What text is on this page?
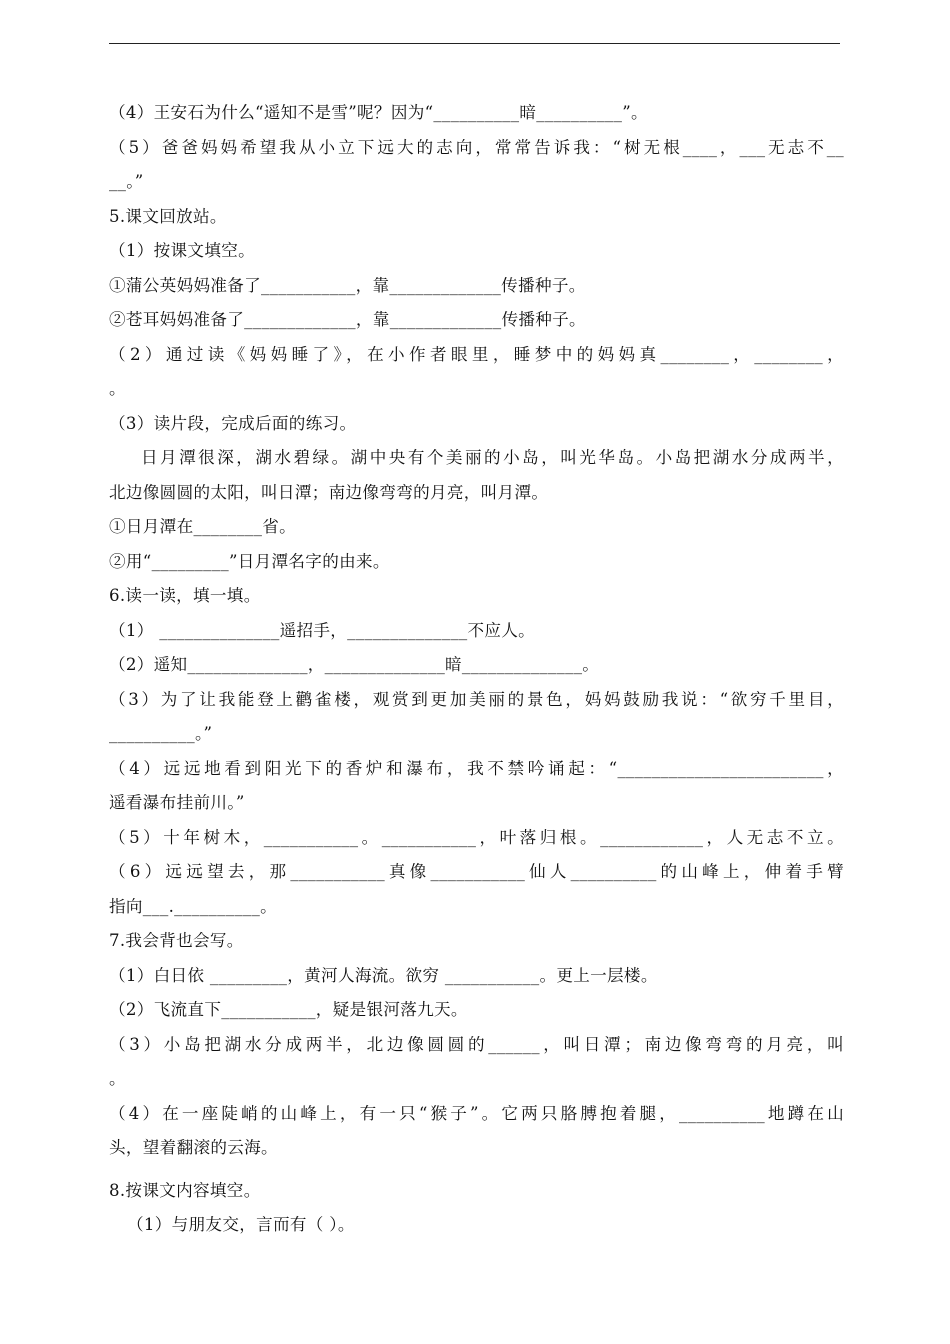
（4）王安石为什么“遥知不是雪”呢？因为“__________暗__________”。
（5）爸爸妈妈希望我从小立下远大的志向，常常告诉我：“树无根____，___无志不__
__。”
5.课文回放站。
（1）按课文填空。
①蒲公英妈妈准备了___________，靠_____________传播种子。
②苍耳妈妈准备了_____________，靠_____________传播种子。
（2）通过读《妈妈睡了》，在小作者眼里，睡梦中的妈妈真________，________，
。
（3）读片段，完成后面的练习。
日月潭很深，湖水碧绿。湖中央有个美丽的小岛，叫光华岛。小岛把湖水分成两半，
北边像圆圆的太阳，叫日潭；南边像弯弯的月亮，叫月潭。
①日月潭在________省。
②用“_________”日月潭名字的由来。
6.读一读，填一填。
（1） ______________遥招手，______________不应人。
（2）遥知______________，______________暗______________。
（3）为了让我能登上鹳雀楼，观赏到更加美丽的景色，妈妈鼓励我说：“欲穷千里目，
__________。”
（4）远远地看到阳光下的香炉和瀑布，我不禁吟诵起：“________________________，
遥看瀑布挂前川。”
（5）十年树木，___________。___________，叶落归根。____________，人无志不立。
（6）远远望去，那___________真像___________仙人__________的山峰上，伸着手臂
指向___.__________。
7.我会背也会写。
（1）白日依 _________，黄河人海流。欲穷 ___________。更上一层楼。
（2）飞流直下___________，疑是银河落九天。
（3）小岛把湖水分成两半，北边像圆圆的______，叫日潭；南边像弯弯的月亮，叫
。
（4）在一座陡峭的山峰上，有一只“猴子”。它两只胳膊抱着腿，__________地蹲在山
头，望着翻滚的云海。
8.按课文内容填空。
（1）与朋友交，言而有（ ）。
